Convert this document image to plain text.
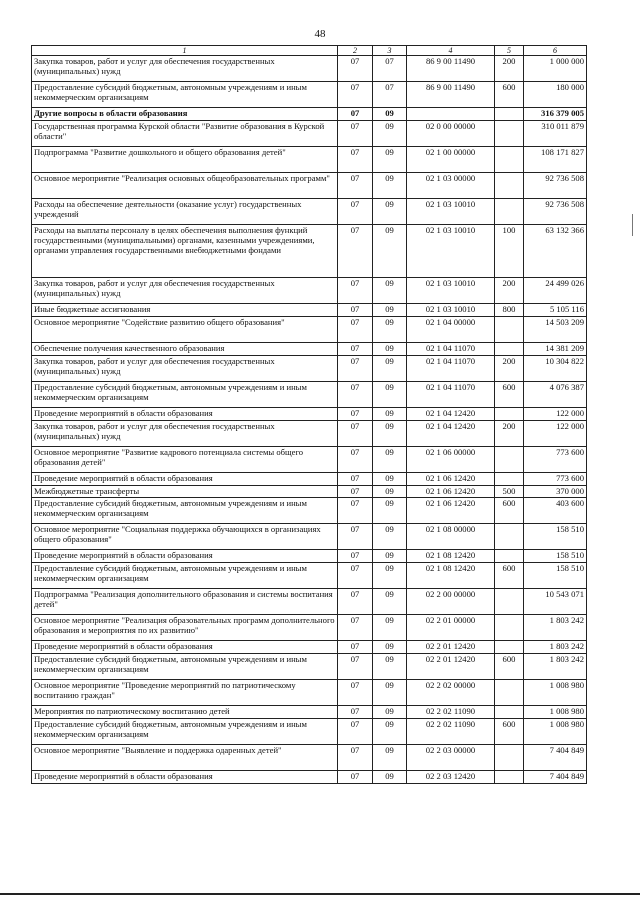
48
1	2	3	4	5	6
Закупка товаров, работ и услуг для обеспечения государственных (муниципальных) нужд	07	07	86 9 00 11490	200	1 000 000
Предоставление субсидий бюджетным, автономным учреждениям и иным некоммерческим организациям	07	07	86 9 00 11490	600	180 000
Другие вопросы в области образования	07	09			316 379 005
Государственная программа Курской области "Развитие образования в Курской области"	07	09	02 0 00 00000		310 011 879
Подпрограмма "Развитие дошкольного и общего образования детей"	07	09	02 1 00 00000		108 171 827
Основное мероприятие "Реализация основных общеобразовательных программ"	07	09	02 1 03 00000		92 736 508
Расходы на обеспечение деятельности (оказание услуг) государственных учреждений	07	09	02 1 03 10010		92 736 508
Расходы на выплаты персоналу в целях обеспечения выполнения функций государственными (муниципальными) органами, казенными учреждениями, органами управления государственными внебюджетными фондами	07	09	02 1 03 10010	100	63 132 366
Закупка товаров, работ и услуг для обеспечения государственных (муниципальных) нужд	07	09	02 1 03 10010	200	24 499 026
Иные бюджетные ассигнования	07	09	02 1 03 10010	800	5 105 116
Основное мероприятие "Содействие развитию общего образования"	07	09	02 1 04 00000		14 503 209
Обеспечение получения качественного образования	07	09	02 1 04 11070		14 381 209
Закупка товаров, работ и услуг для обеспечения государственных (муниципальных) нужд	07	09	02 1 04 11070	200	10 304 822
Предоставление субсидий бюджетным, автономным учреждениям и иным некоммерческим организациям	07	09	02 1 04 11070	600	4 076 387
Проведение мероприятий в области образования	07	09	02 1 04 12420		122 000
Закупка товаров, работ и услуг для обеспечения государственных (муниципальных) нужд	07	09	02 1 04 12420	200	122 000
Основное мероприятие "Развитие кадрового потенциала системы общего образования детей"	07	09	02 1 06 00000		773 600
Проведение мероприятий в области образования	07	09	02 1 06 12420		773 600
Межбюджетные трансферты	07	09	02 1 06 12420	500	370 000
Предоставление субсидий бюджетным, автономным учреждениям и иным некоммерческим организациям	07	09	02 1 06 12420	600	403 600
Основное мероприятие "Социальная поддержка обучающихся в организациях общего образования"	07	09	02 1 08 00000		158 510
Проведение мероприятий в области образования	07	09	02 1 08 12420		158 510
Предоставление субсидий бюджетным, автономным учреждениям и иным некоммерческим организациям	07	09	02 1 08 12420	600	158 510
Подпрограмма "Реализация дополнительного образования и системы воспитания детей"	07	09	02 2 00 00000		10 543 071
Основное мероприятие "Реализация образовательных программ дополнительного образования и мероприятия по их развитию"	07	09	02 2 01 00000		1 803 242
Проведение мероприятий в области образования	07	09	02 2 01 12420		1 803 242
Предоставление субсидий бюджетным, автономным учреждениям и иным некоммерческим организациям	07	09	02 2 01 12420	600	1 803 242
Основное мероприятие "Проведение мероприятий по патриотическому воспитанию граждан"	07	09	02 2 02 00000		1 008 980
Мероприятия по патриотическому воспитанию детей	07	09	02 2 02 11090		1 008 980
Предоставление субсидий бюджетным, автономным учреждениям и иным некоммерческим организациям	07	09	02 2 02 11090	600	1 008 980
Основное мероприятие "Выявление и поддержка одаренных детей"	07	09	02 2 03 00000		7 404 849
Проведение мероприятий в области образования	07	09	02 2 03 12420		7 404 849
